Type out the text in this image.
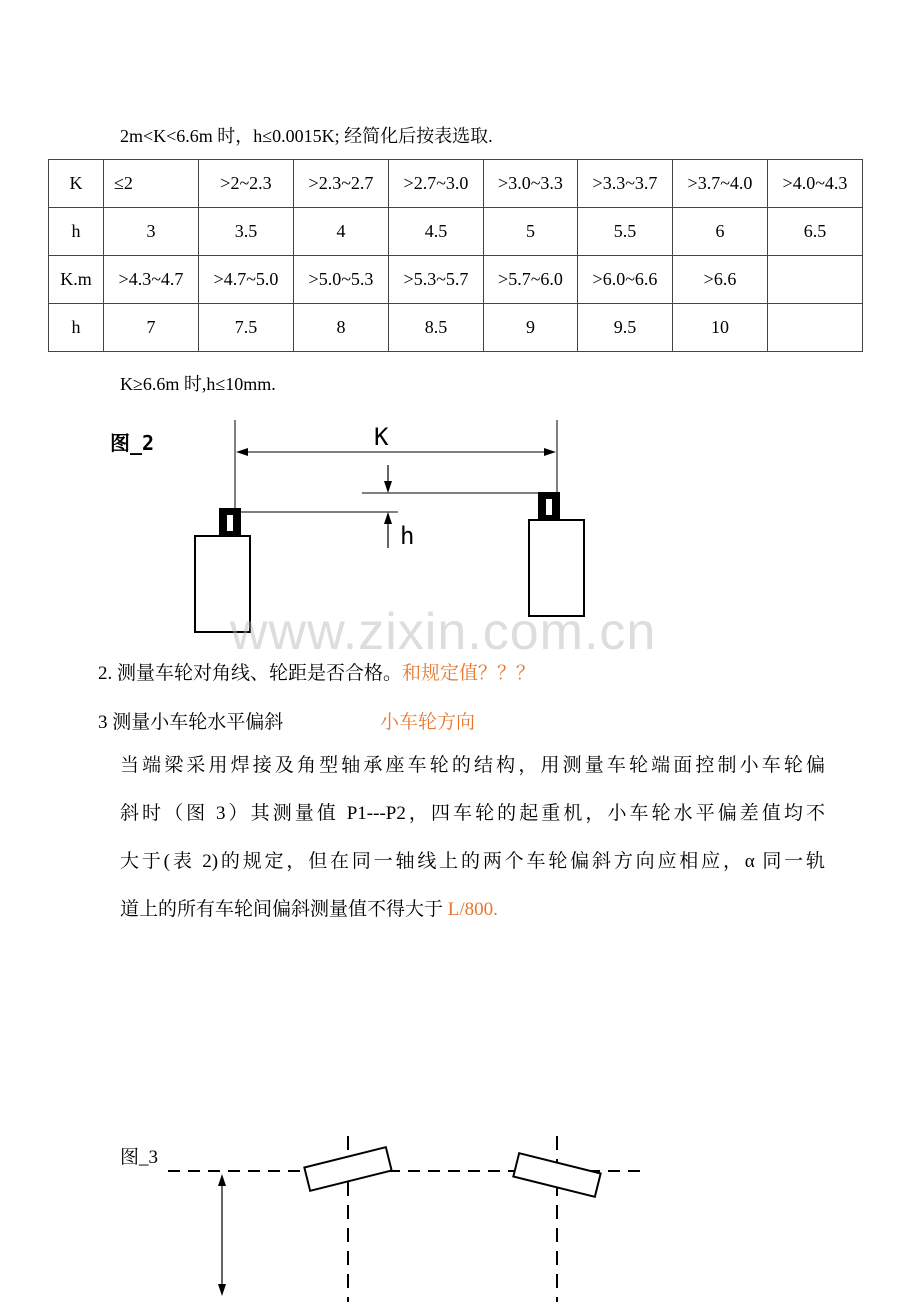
2m<K<6.6m 时，h≤0.0015K; 经简化后按表选取.
K	≤2	>2~2.3	>2.3~2.7	>2.7~3.0	>3.0~3.3	>3.3~3.7	>3.7~4.0	>4.0~4.3
h	3	3.5	4	4.5	5	5.5	6	6.5
K.m	>4.3~4.7	>4.7~5.0	>5.0~5.3	>5.3~5.7	>5.7~6.0	>6.0~6.6	>6.6	
h	7	7.5	8	8.5	9	9.5	10	
K≥6.6m 时,h≤10mm.
图_2	K
h
www.zixin.com.cn
2. 测量车轮对角线、轮距是否合格。和规定值？？？
3 测量小车轮水平偏斜	小车轮方向
当端梁采用焊接及角型轴承座车轮的结构，用测量车轮端面控制小车轮偏
斜时（图 3）其测量值 P1---P2，四车轮的起重机，小车轮水平偏差值均不
大于(表 2)的规定，但在同一轴线上的两个车轮偏斜方向应相应，α 同一轨
道上的所有车轮间偏斜测量值不得大于 L/800.
图_3
